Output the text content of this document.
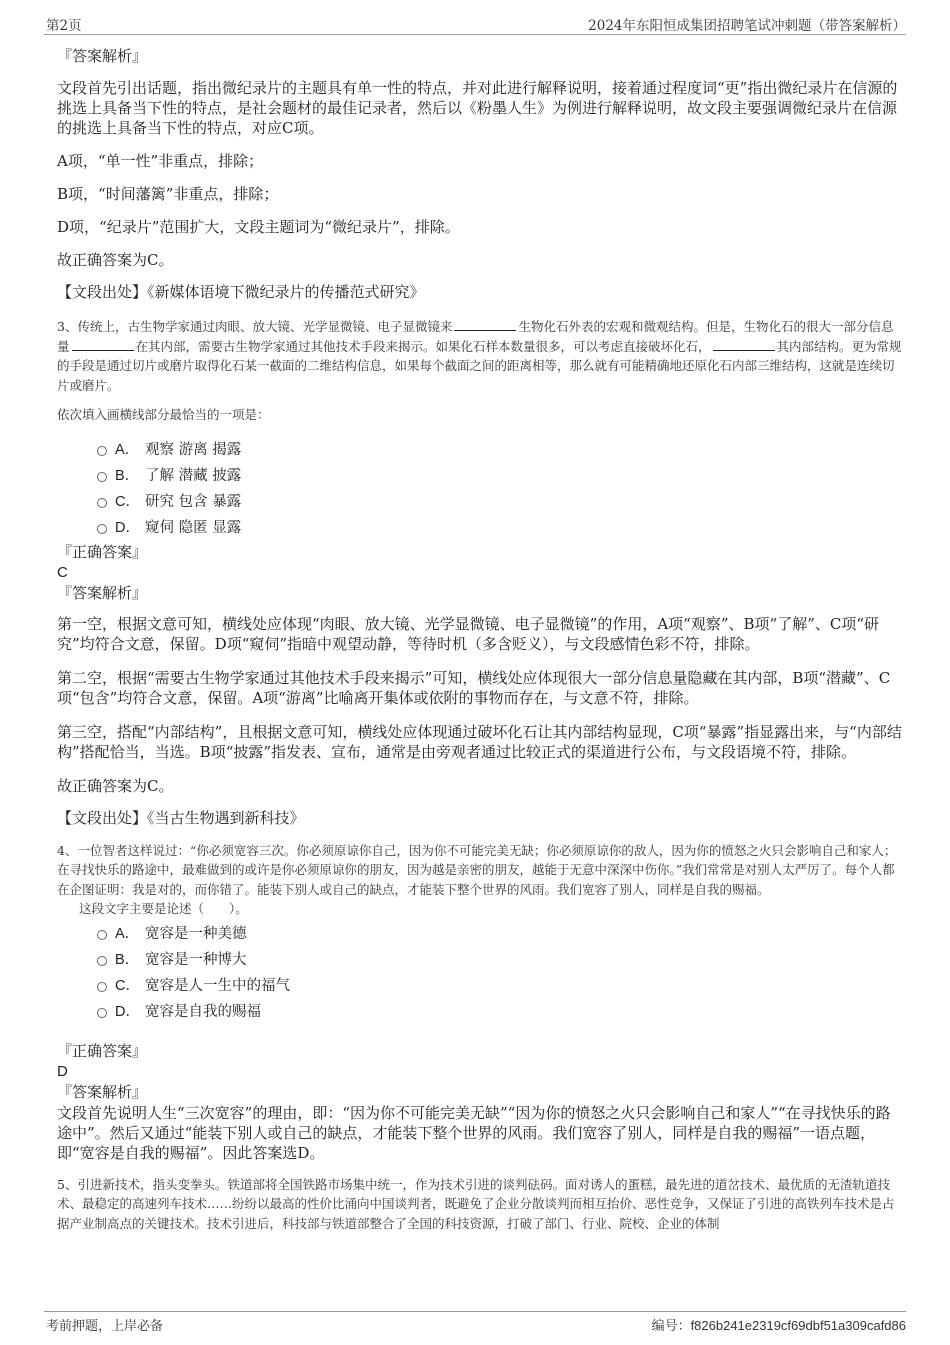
第2页	2024年东阳恒成集团招聘笔试冲刺题（带答案解析）

『答案解析』

文段首先引出话题，指出微纪录片的主题具有单一性的特点，并对此进行解释说明，接着通过程度词“更”指出微纪录片在信源的挑选上具备当下性的特点，是社会题材的最佳记录者，然后以《粉墨人生》为例进行解释说明，故文段主要强调微纪录片在信源的挑选上具备当下性的特点，对应C项。

A项，“单一性”非重点，排除；

B项，“时间藩篱”非重点，排除；

D项，“纪录片”范围扩大，文段主题词为“微纪录片”，排除。

故正确答案为C。

【文段出处】《新媒体语境下微纪录片的传播范式研究》

3、传统上，古生物学家通过肉眼、放大镜、光学显微镜、电子显微镜来	生物化石外表的宏观和微观结构。但是，生物化石的很大一部分信息量	在其内部，需要古生物学家通过其他技术手段来揭示。如果化石样本数量很多，可以考虑直接破坏化石，	其内部结构。更为常规的手段是通过切片或磨片取得化石某一截面的二维结构信息，如果每个截面之间的距离相等，那么就有可能精确地还原化石内部三维结构，这就是连续切片或磨片。

依次填入画横线部分最恰当的一项是：

A． 观察 游离 揭露
B． 了解 潜藏 披露
C． 研究 包含 暴露
D． 窥伺 隐匿 显露

『正确答案』

C

『答案解析』

第一空，根据文意可知，横线处应体现“肉眼、放大镜、光学显微镜、电子显微镜”的作用，A项“观察”、B项“了解”、C项“研究”均符合文意，保留。D项“窥伺”指暗中观望动静，等待时机（多含贬义），与文段感情色彩不符，排除。

第二空，根据“需要古生物学家通过其他技术手段来揭示”可知，横线处应体现很大一部分信息量隐藏在其内部，B项“潜藏”、C项“包含”均符合文意，保留。A项“游离”比喻离开集体或依附的事物而存在，与文意不符，排除。

第三空，搭配“内部结构”，且根据文意可知，横线处应体现通过破坏化石让其内部结构显现，C项“暴露”指显露出来，与“内部结构”搭配恰当，当选。B项“披露”指发表、宣布，通常是由旁观者通过比较正式的渠道进行公布，与文段语境不符，排除。

故正确答案为C。

【文段出处】《当古生物遇到新科技》

4、一位智者这样说过：“你必须宽容三次。你必须原谅你自己，因为你不可能完美无缺；你必须原谅你的敌人，因为你的愤怒之火只会影响自己和家人；在寻找快乐的路途中，最难做到的或许是你必须原谅你的朋友，因为越是亲密的朋友，越能于无意中深深中伤你。”我们常常是对别人太严厉了。每个人都在企图证明：我是对的，而你错了。能装下别人或自己的缺点，才能装下整个世界的风雨。我们宽容了别人，同样是自我的赐福。

这段文字主要是论述（　　）。

A． 宽容是一种美德
B． 宽容是一种博大
C． 宽容是人一生中的福气
D． 宽容是自我的赐福

『正确答案』

D

『答案解析』

文段首先说明人生“三次宽容”的理由，即：“因为你不可能完美无缺”“因为你的愤怒之火只会影响自己和家人”“在寻找快乐的路途中”。然后又通过“能装下别人或自己的缺点，才能装下整个世界的风雨。我们宽容了别人，同样是自我的赐福”一语点题，即“宽容是自我的赐福”。因此答案选D。

5、引进新技术，指头变拳头。铁道部将全国铁路市场集中统一，作为技术引进的谈判砝码。面对诱人的蛋糕，最先进的道岔技术、最优质的无渣轨道技术、最稳定的高速列车技术……纷纷以最高的性价比涌向中国谈判者，既避免了企业分散谈判而相互抬价、恶性竞争，又保证了引进的高铁列车技术是占据产业制高点的关键技术。技术引进后，科技部与铁道部整合了全国的科技资源，打破了部门、行业、院校、企业的体制

考前押题，上岸必备	编号：f826b241e2319cf69dbf51a309cafd86
